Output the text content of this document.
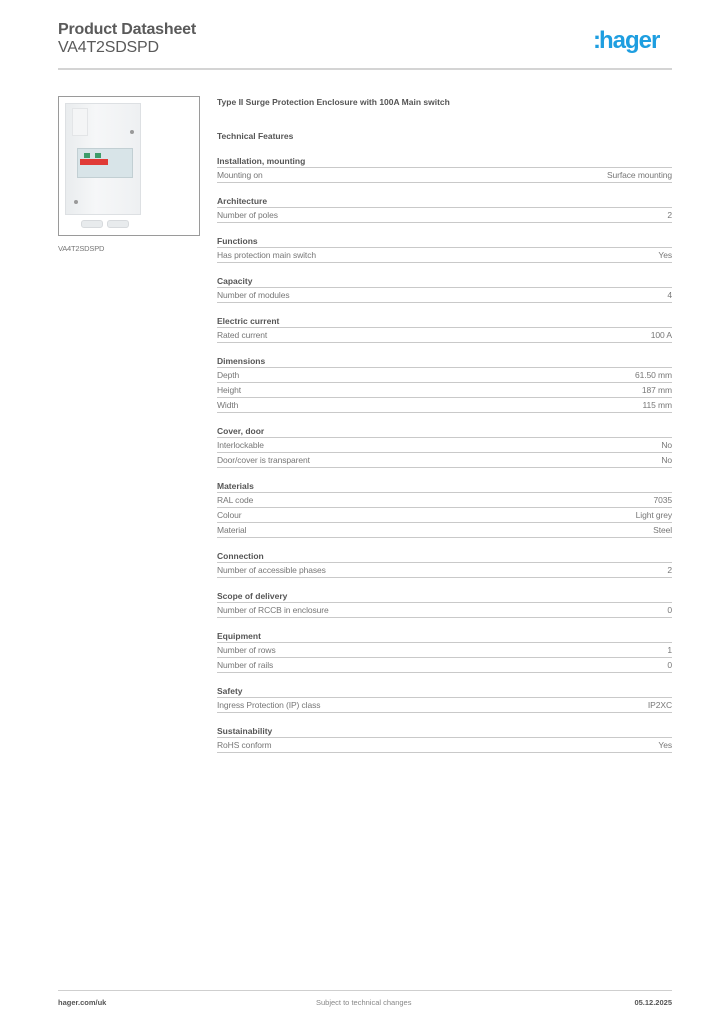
Product Datasheet
VA4T2SDSPD	:hager
VA4T2SDSPD
Type II Surge Protection Enclosure with 100A Main switch
Technical Features
Installation, mounting
Mounting on	Surface mounting
Architecture
Number of poles	2
Functions
Has protection main switch	Yes
Capacity
Number of modules	4
Electric current
Rated current	100 A
Dimensions
Depth	61.50 mm
Height	187 mm
Width	115 mm
Cover, door
Interlockable	No
Door/cover is transparent	No
Materials
RAL code	7035
Colour	Light grey
Material	Steel
Connection
Number of accessible phases	2
Scope of delivery
Number of RCCB in enclosure	0
Equipment
Number of rows	1
Number of rails	0
Safety
Ingress Protection (IP) class	IP2XC
Sustainability
RoHS conform	Yes
hager.com/uk	Subject to technical changes	05.12.2025
